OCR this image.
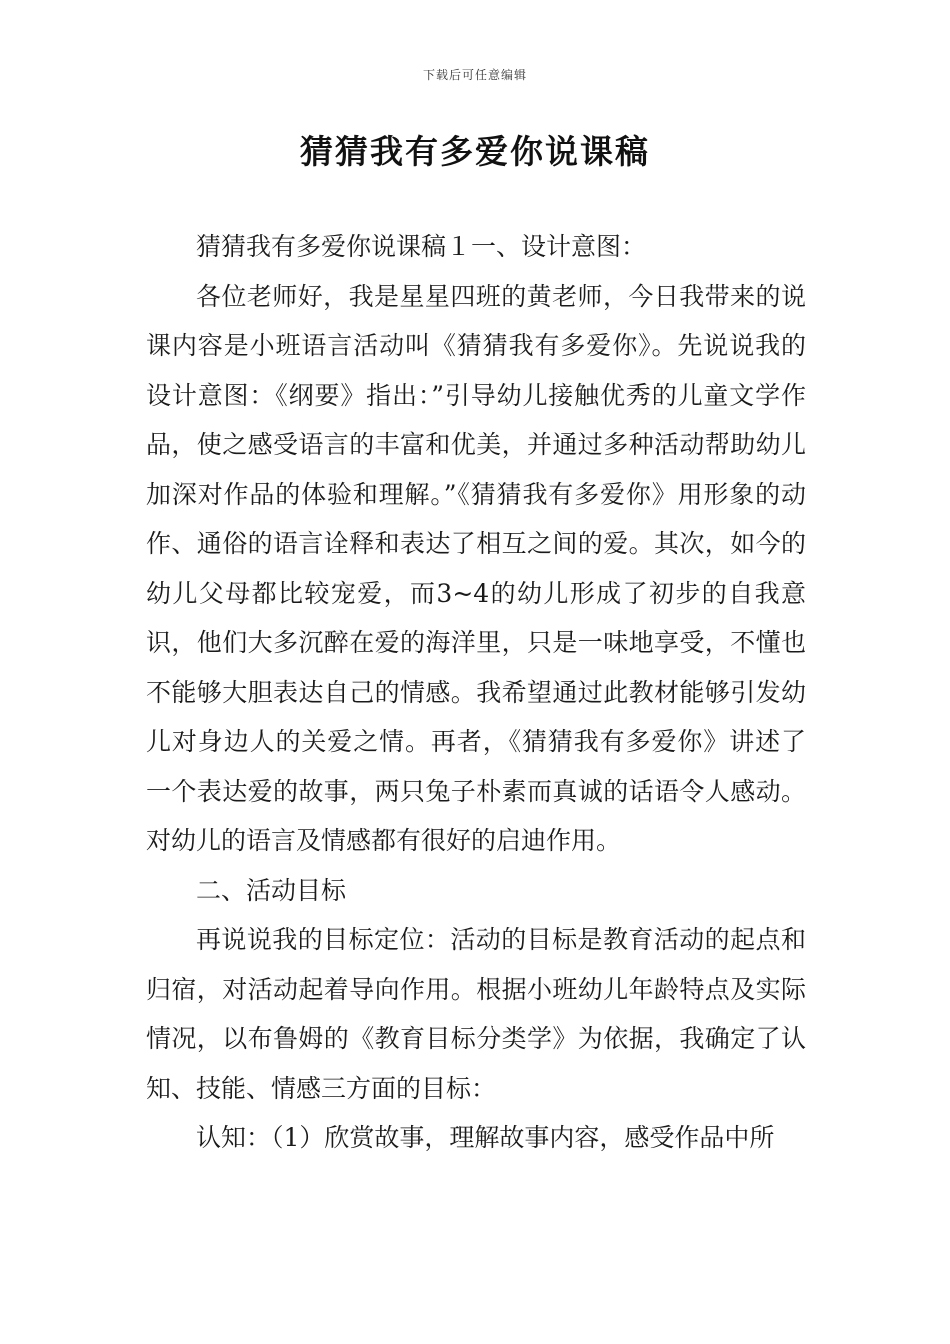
下载后可任意编辑
猜猜我有多爱你说课稿

猜猜我有多爱你说课稿１一、设计意图：

各位老师好，我是星星四班的黄老师，今日我带来的说课内容是小班语言活动叫《猜猜我有多爱你》。先说说我的设计意图：《纲要》指出：”引导幼儿接触优秀的儿童文学作品，使之感受语言的丰富和优美，并通过多种活动帮助幼儿加深对作品的体验和理解。”《猜猜我有多爱你》用形象的动作、通俗的语言诠释和表达了相互之间的爱。其次，如今的幼儿父母都比较宠爱，而3~4的幼儿形成了初步的自我意识，他们大多沉醉在爱的海洋里，只是一味地享受，不懂也不能够大胆表达自己的情感。我希望通过此教材能够引发幼儿对身边人的关爱之情。再者，《猜猜我有多爱你》讲述了一个表达爱的故事，两只兔子朴素而真诚的话语令人感动。对幼儿的语言及情感都有很好的启迪作用。

二、活动目标

再说说我的目标定位：活动的目标是教育活动的起点和归宿，对活动起着导向作用。根据小班幼儿年龄特点及实际情况，以布鲁姆的《教育目标分类学》为依据，我确定了认知、技能、情感三方面的目标：

认知：（1）欣赏故事，理解故事内容，感受作品中所
